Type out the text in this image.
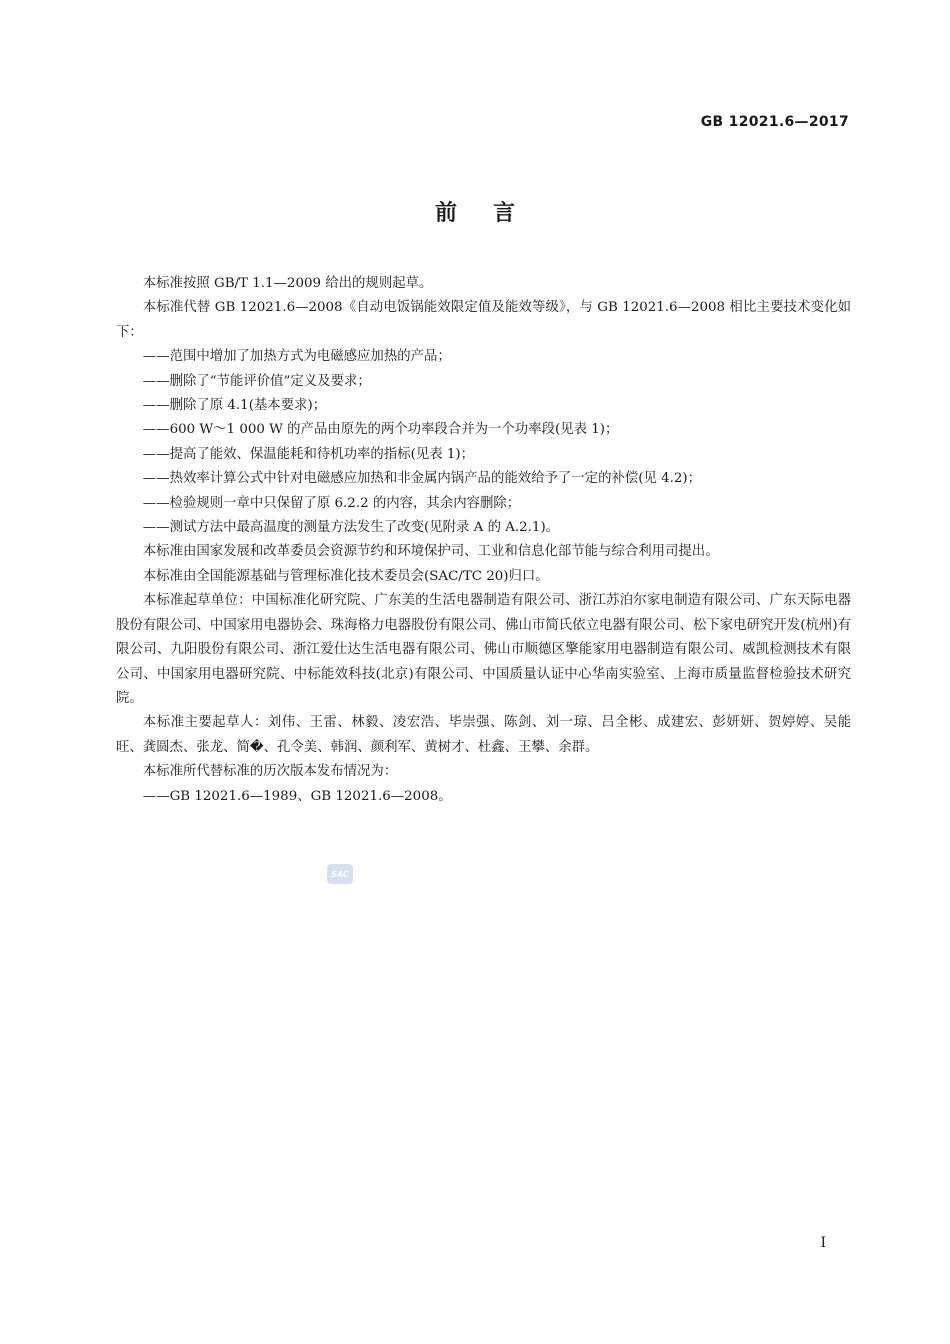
GB 12021.6—2017
前言

本标准按照 GB/T 1.1—2009 给出的规则起草。

本标准代替 GB 12021.6—2008《自动电饭锅能效限定值及能效等级》，与 GB 12021.6—2008 相比主要技术变化如下：

——范围中增加了加热方式为电磁感应加热的产品；

——删除了“节能评价值”定义及要求；

——删除了原 4.1(基本要求)；

——600 W～1 000 W 的产品由原先的两个功率段合并为一个功率段(见表 1)；

——提高了能效、保温能耗和待机功率的指标(见表 1)；

——热效率计算公式中针对电磁感应加热和非金属内锅产品的能效给予了一定的补偿(见 4.2)；

——检验规则一章中只保留了原 6.2.2 的内容，其余内容删除；

——测试方法中最高温度的测量方法发生了改变(见附录 A 的 A.2.1)。

本标准由国家发展和改革委员会资源节约和环境保护司、工业和信息化部节能与综合利用司提出。

本标准由全国能源基础与管理标准化技术委员会(SAC/TC 20)归口。

本标准起草单位：中国标准化研究院、广东美的生活电器制造有限公司、浙江苏泊尔家电制造有限公司、广东天际电器股份有限公司、中国家用电器协会、珠海格力电器股份有限公司、佛山市简氏依立电器有限公司、松下家电研究开发(杭州)有限公司、九阳股份有限公司、浙江爱仕达生活电器有限公司、佛山市顺德区擎能家用电器制造有限公司、威凯检测技术有限公司、中国家用电器研究院、中标能效科技(北京)有限公司、中国质量认证中心华南实验室、上海市质量监督检验技术研究院。

本标准主要起草人：刘伟、王雷、林毅、凌宏浩、毕崇强、陈剑、刘一琼、吕全彬、成建宏、彭妍妍、贺婷婷、吴能旺、龚圆杰、张龙、简�、孔令美、韩润、颜利军、黄树才、杜鑫、王攀、余群。

本标准所代替标准的历次版本发布情况为：

——GB 12021.6—1989、GB 12021.6—2008。

SAC
I
